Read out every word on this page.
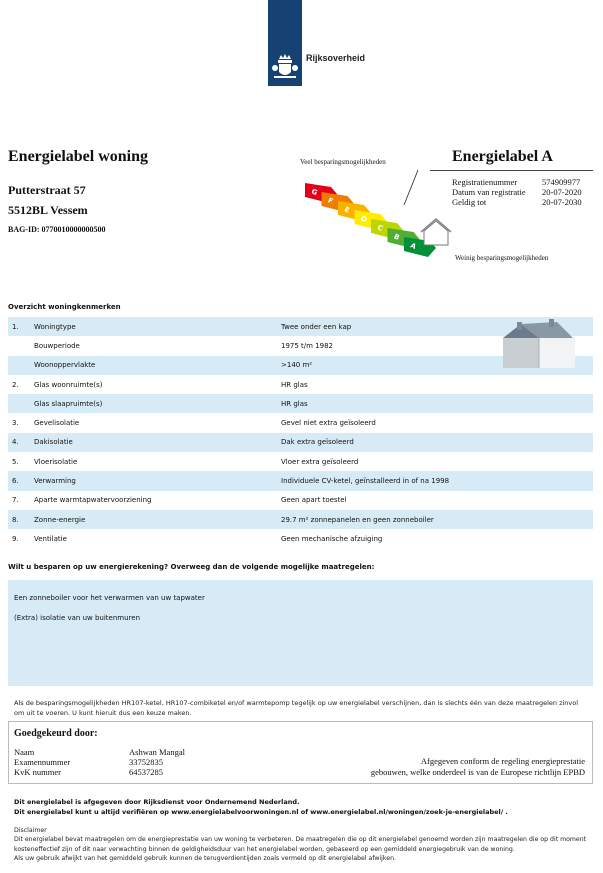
Rijksoverheid
Energielabel woning
Putterstraat 57
5512BL Vessem
BAG-ID: 0770010000000500
Energielabel A
Registratienummer	574909977
Datum van registratie 20-07-2020
Geldig tot	20-07-2030
Veel besparingsmogelijkheden
Weinig besparingsmogelijkheden
G
F
E
D
C
B
A
Overzicht woningkenmerken
1.	Woningtype	Twee onder een kap
	Bouwperiode	1975 t/m 1982
	Woonoppervlakte	>140 m²
2.	Glas woonruimte(s)	HR glas
	Glas slaapruimte(s)	HR glas
3.	Gevelisolatie	Gevel niet extra geïsoleerd
4.	Dakisolatie	Dak extra geïsoleerd
5.	Vloerisolatie	Vloer extra geïsoleerd
6.	Verwarming	Individuele CV-ketel, geïnstalleerd in of na 1998
7.	Aparte warmtapwatervoorziening	Geen apart toestel
8.	Zonne-energie	29.7 m² zonnepanelen en geen zonneboiler
9.	Ventilatie	Geen mechanische afzuiging
Wilt u besparen op uw energierekening? Overweeg dan de volgende mogelijke maatregelen:
Een zonneboiler voor het verwarmen van uw tapwater
(Extra) isolatie van uw buitenmuren
Als de besparingsmogelijkheden HR107-ketel, HR107-combiketel en/of warmtepomp tegelijk op uw energielabel verschijnen, dan is slechts één van deze maatregelen zinvol om uit te voeren. U kunt hieruit dus een keuze maken.
Goedgekeurd door:
Naam	Ashwan Mangal
Examennummer	33752835
KvK nummer	64537285
Afgegeven conform de regeling energieprestatie
gebouwen, welke onderdeel is van de Europese richtlijn EPBD
Dit energielabel is afgegeven door Rijksdienst voor Ondernemend Nederland.
Dit energielabel kunt u altijd verifiëren op www.energielabelvoorwoningen.nl of www.energielabel.nl/woningen/zoek-je-energielabel/ .
Disclaimer
Dit energielabel bevat maatregelen om de energieprestatie van uw woning te verbeteren. De maatregelen die op dit energielabel genoemd worden zijn maatregelen die op dit moment kosteneffectief zijn of dit naar verwachting binnen de geldigheidsduur van het energielabel worden, gebaseerd op een gemiddeld energiegebruik van de woning.
Als uw gebruik afwijkt van het gemiddeld gebruik kunnen de terugverdientijden zoals vermeld op dit energielabel afwijken.
